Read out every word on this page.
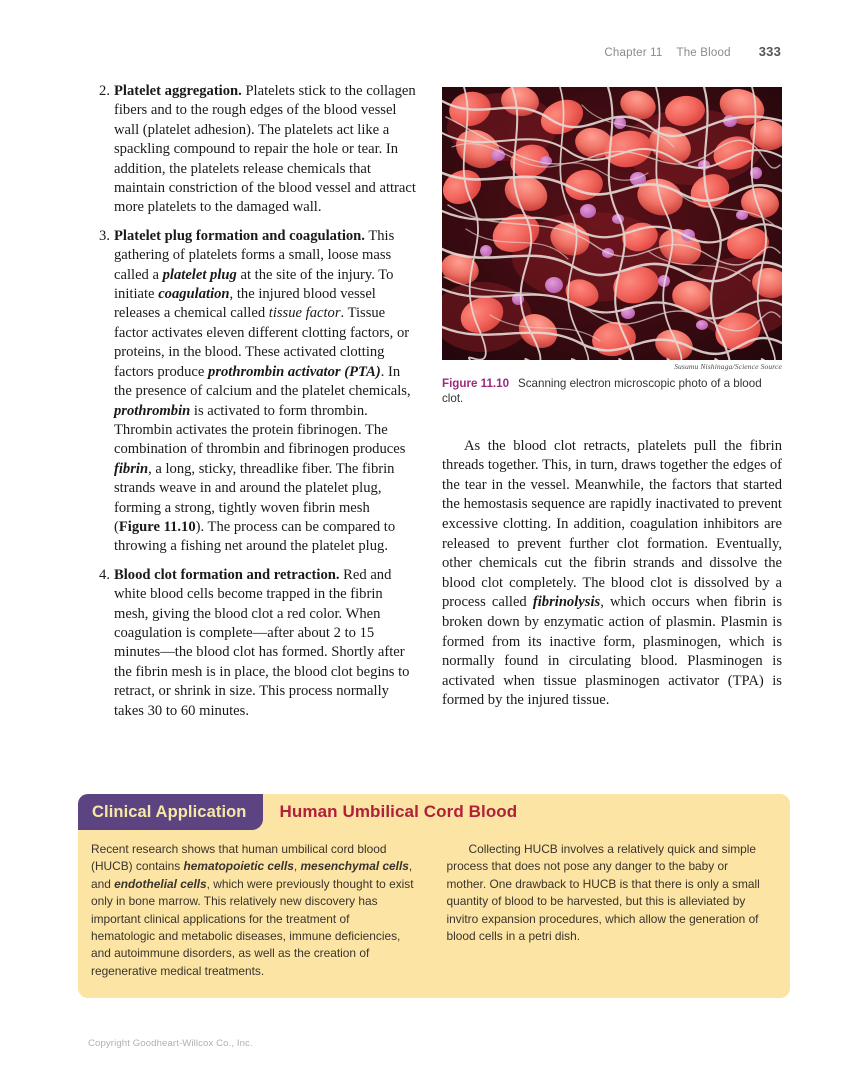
Chapter 11 The Blood 333
2. Platelet aggregation. Platelets stick to the collagen fibers and to the rough edges of the blood vessel wall (platelet adhesion). The platelets act like a spackling compound to repair the hole or tear. In addition, the platelets release chemicals that maintain constriction of the blood vessel and attract more platelets to the damaged wall.
3. Platelet plug formation and coagulation. This gathering of platelets forms a small, loose mass called a platelet plug at the site of the injury. To initiate coagulation, the injured blood vessel releases a chemical called tissue factor. Tissue factor activates eleven different clotting factors, or proteins, in the blood. These activated clotting factors produce prothrombin activator (PTA). In the presence of calcium and the platelet chemicals, prothrombin is activated to form thrombin. Thrombin activates the protein fibrinogen. The combination of thrombin and fibrinogen produces fibrin, a long, sticky, threadlike fiber. The fibrin strands weave in and around the platelet plug, forming a strong, tightly woven fibrin mesh (Figure 11.10). The process can be compared to throwing a fishing net around the platelet plug.
4. Blood clot formation and retraction. Red and white blood cells become trapped in the fibrin mesh, giving the blood clot a red color. When coagulation is complete—after about 2 to 15 minutes—the blood clot has formed. Shortly after the fibrin mesh is in place, the blood clot begins to retract, or shrink in size. This process normally takes 30 to 60 minutes.
Susumu Nishinaga/Science Source
Figure 11.10 Scanning electron microscopic photo of a blood clot.

As the blood clot retracts, platelets pull the fibrin threads together. This, in turn, draws together the edges of the tear in the vessel. Meanwhile, the factors that started the hemostasis sequence are rapidly inactivated to prevent excessive clotting. In addition, coagulation inhibitors are released to prevent further clot formation. Eventually, other chemicals cut the fibrin strands and dissolve the blood clot completely. The blood clot is dissolved by a process called fibrinolysis, which occurs when fibrin is broken down by enzymatic action of plasmin. Plasmin is formed from its inactive form, plasminogen, which is normally found in circulating blood. Plasminogen is activated when tissue plasminogen activator (TPA) is formed by the injured tissue.

Clinical Application	Human Umbilical Cord Blood
Recent research shows that human umbilical cord blood (HUCB) contains hematopoietic cells, mesenchymal cells, and endothelial cells, which were previously thought to exist only in bone marrow. This relatively new discovery has important clinical applications for the treatment of hematologic and metabolic diseases, immune deficiencies, and autoimmune disorders, as well as the creation of regenerative medical treatments.
Collecting HUCB involves a relatively quick and simple process that does not pose any danger to the baby or mother. One drawback to HUCB is that there is only a small quantity of blood to be harvested, but this is alleviated by invitro expansion procedures, which allow the generation of blood cells in a petri dish.
Copyright Goodheart-Willcox Co., Inc.
